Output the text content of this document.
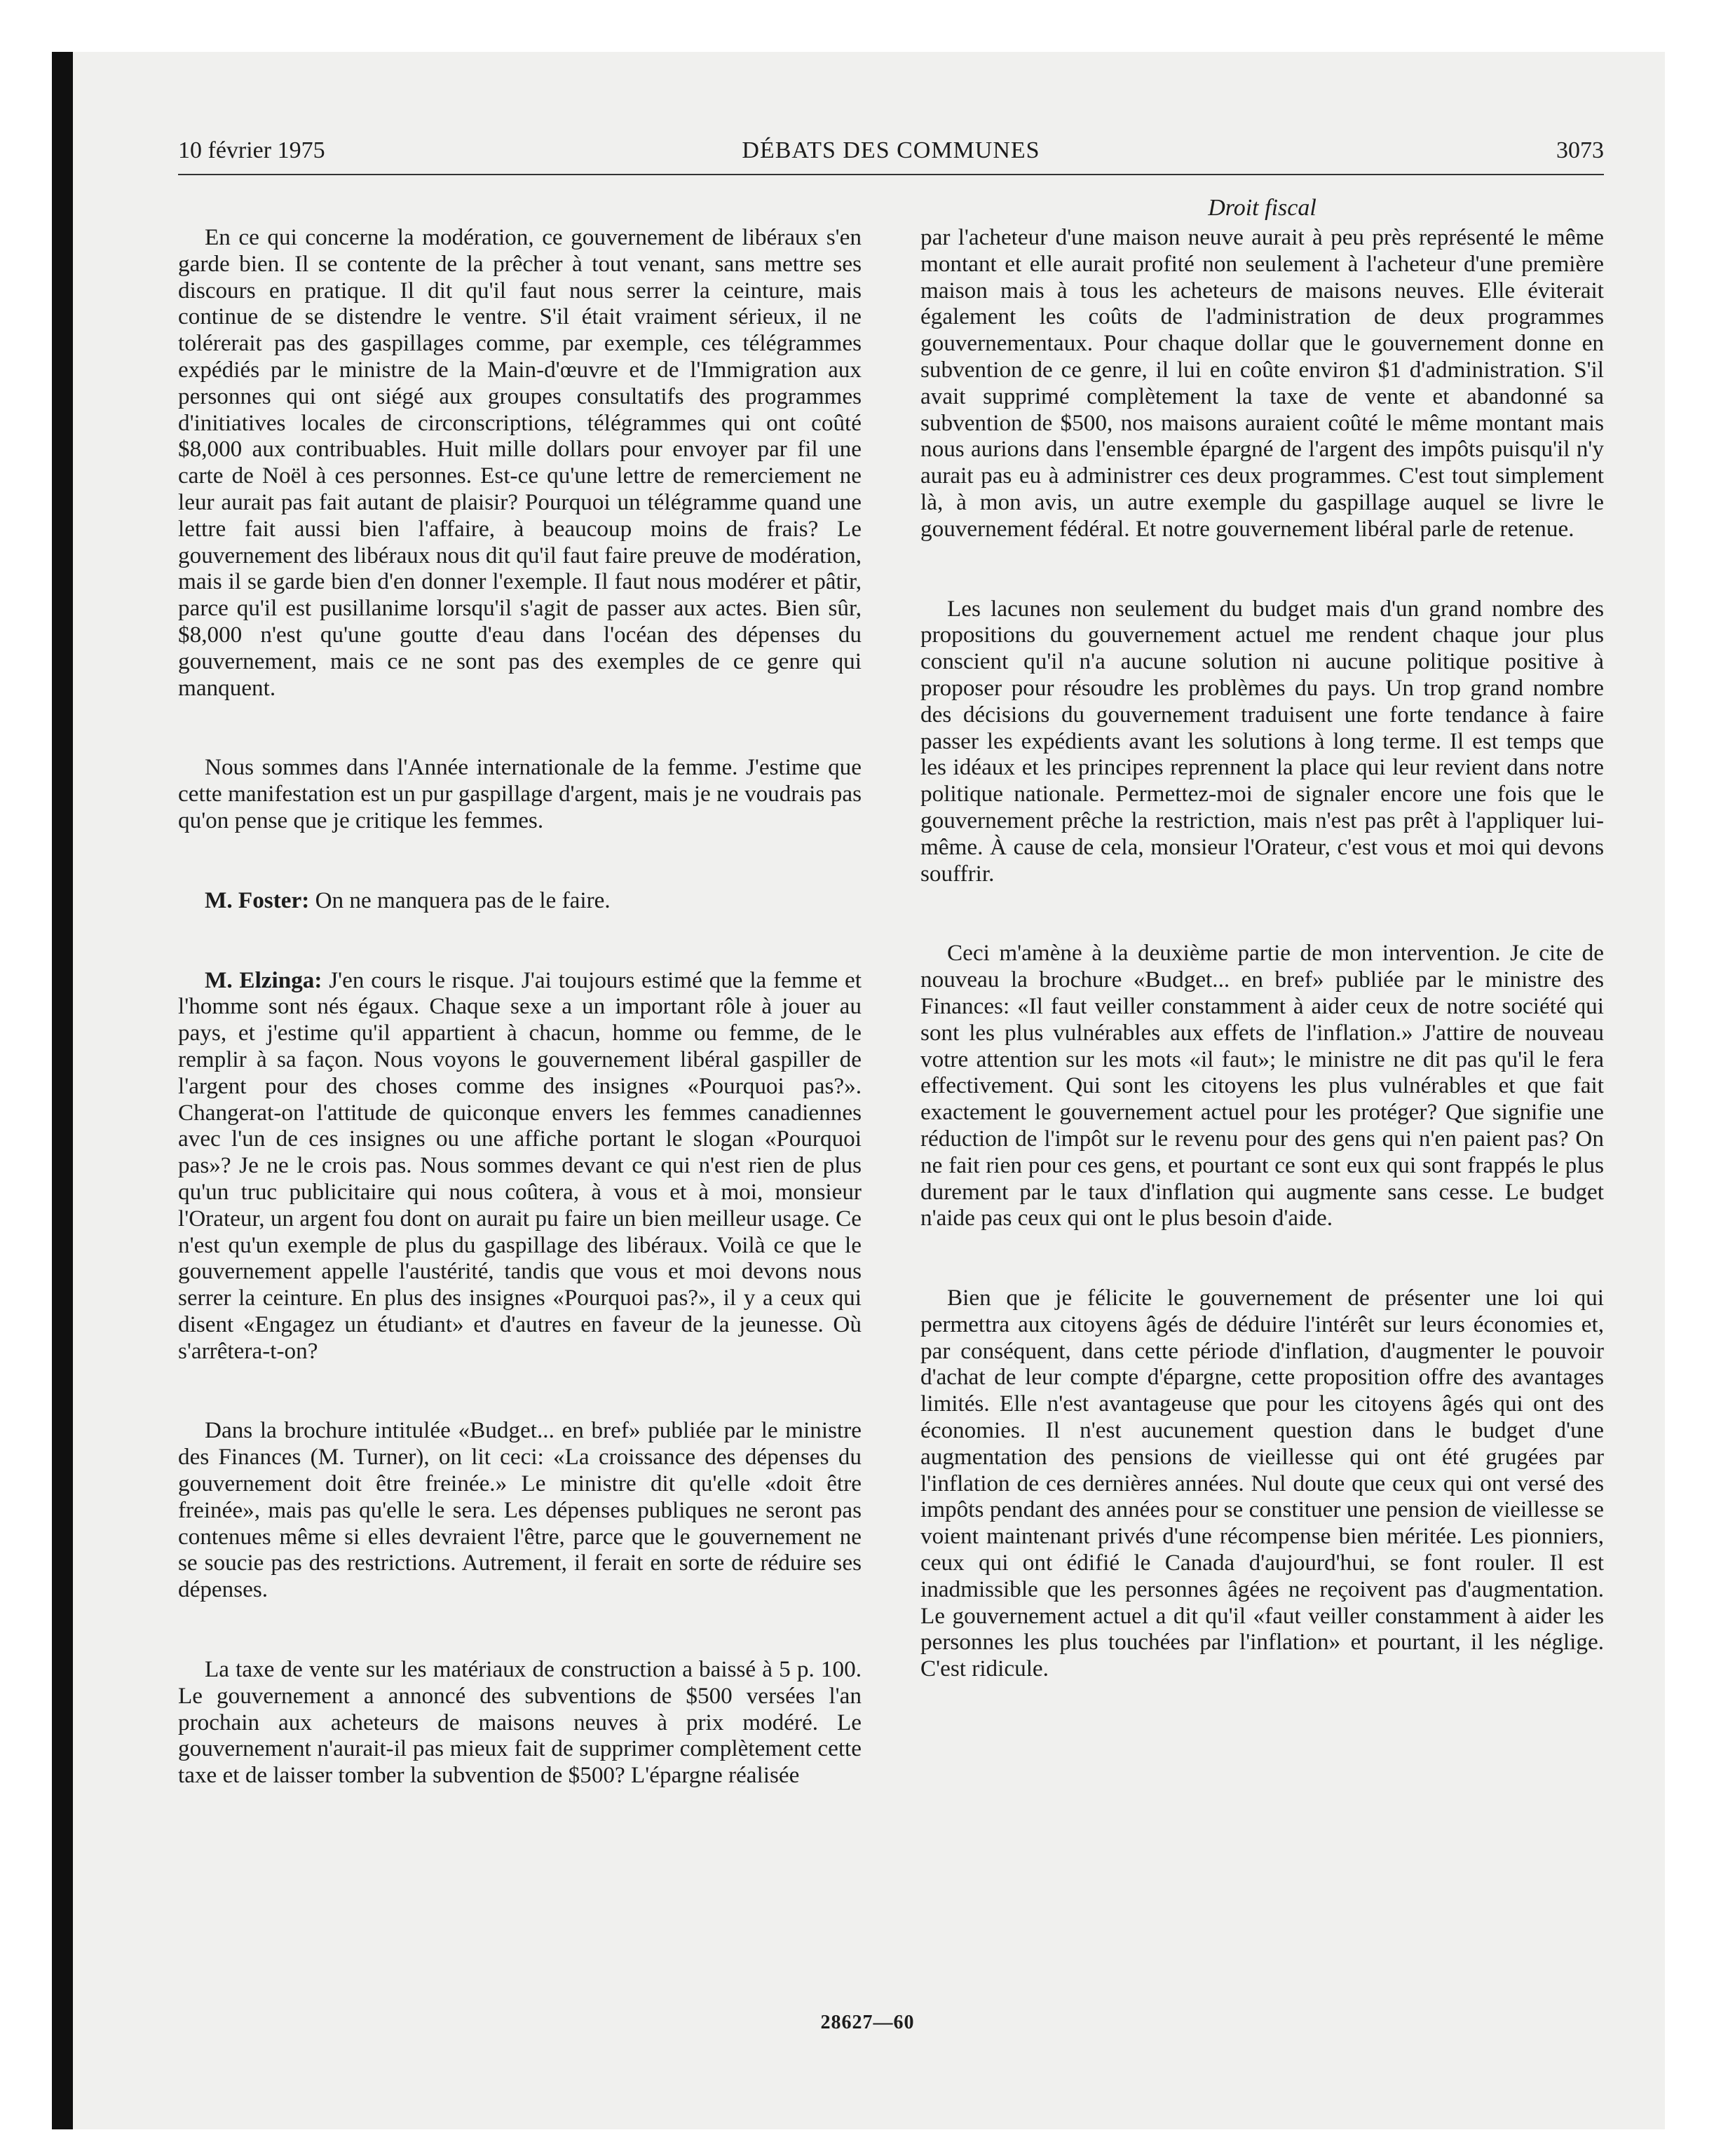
10 février 1975	DÉBATS DES COMMUNES	3073
Droit fiscal

En ce qui concerne la modération, ce gouvernement de libéraux s'en garde bien. Il se contente de la prêcher à tout venant, sans mettre ses discours en pratique. Il dit qu'il faut nous serrer la ceinture, mais continue de se distendre le ventre. S'il était vraiment sérieux, il ne tolérerait pas des gaspillages comme, par exemple, ces télégrammes expédiés par le ministre de la Main-d'œuvre et de l'Immigration aux personnes qui ont siégé aux groupes consultatifs des programmes d'initiatives locales de circonscriptions, télégrammes qui ont coûté $8,000 aux contribuables. Huit mille dollars pour envoyer par fil une carte de Noël à ces personnes. Est-ce qu'une lettre de remerciement ne leur aurait pas fait autant de plaisir? Pourquoi un télégramme quand une lettre fait aussi bien l'affaire, à beaucoup moins de frais? Le gouvernement des libéraux nous dit qu'il faut faire preuve de modération, mais il se garde bien d'en donner l'exemple. Il faut nous modérer et pâtir, parce qu'il est pusillanime lorsqu'il s'agit de passer aux actes. Bien sûr, $8,000 n'est qu'une goutte d'eau dans l'océan des dépenses du gouvernement, mais ce ne sont pas des exemples de ce genre qui manquent.

Nous sommes dans l'Année internationale de la femme. J'estime que cette manifestation est un pur gaspillage d'argent, mais je ne voudrais pas qu'on pense que je critique les femmes.

M. Foster: On ne manquera pas de le faire.

M. Elzinga: J'en cours le risque. J'ai toujours estimé que la femme et l'homme sont nés égaux. Chaque sexe a un important rôle à jouer au pays, et j'estime qu'il appartient à chacun, homme ou femme, de le remplir à sa façon. Nous voyons le gouvernement libéral gaspiller de l'argent pour des choses comme des insignes «Pourquoi pas?». Changerat-on l'attitude de quiconque envers les femmes canadiennes avec l'un de ces insignes ou une affiche portant le slogan «Pourquoi pas»? Je ne le crois pas. Nous sommes devant ce qui n'est rien de plus qu'un truc publicitaire qui nous coûtera, à vous et à moi, monsieur l'Orateur, un argent fou dont on aurait pu faire un bien meilleur usage. Ce n'est qu'un exemple de plus du gaspillage des libéraux. Voilà ce que le gouvernement appelle l'austérité, tandis que vous et moi devons nous serrer la ceinture. En plus des insignes «Pourquoi pas?», il y a ceux qui disent «Engagez un étudiant» et d'autres en faveur de la jeunesse. Où s'arrêtera-t-on?

Dans la brochure intitulée «Budget... en bref» publiée par le ministre des Finances (M. Turner), on lit ceci: «La croissance des dépenses du gouvernement doit être freinée.» Le ministre dit qu'elle «doit être freinée», mais pas qu'elle le sera. Les dépenses publiques ne seront pas contenues même si elles devraient l'être, parce que le gouvernement ne se soucie pas des restrictions. Autrement, il ferait en sorte de réduire ses dépenses.

La taxe de vente sur les matériaux de construction a baissé à 5 p. 100. Le gouvernement a annoncé des subventions de $500 versées l'an prochain aux acheteurs de maisons neuves à prix modéré. Le gouvernement n'aurait-il pas mieux fait de supprimer complètement cette taxe et de laisser tomber la subvention de $500? L'épargne réalisée

par l'acheteur d'une maison neuve aurait à peu près représenté le même montant et elle aurait profité non seulement à l'acheteur d'une première maison mais à tous les acheteurs de maisons neuves. Elle éviterait également les coûts de l'administration de deux programmes gouvernementaux. Pour chaque dollar que le gouvernement donne en subvention de ce genre, il lui en coûte environ $1 d'administration. S'il avait supprimé complètement la taxe de vente et abandonné sa subvention de $500, nos maisons auraient coûté le même montant mais nous aurions dans l'ensemble épargné de l'argent des impôts puisqu'il n'y aurait pas eu à administrer ces deux programmes. C'est tout simplement là, à mon avis, un autre exemple du gaspillage auquel se livre le gouvernement fédéral. Et notre gouvernement libéral parle de retenue.

Les lacunes non seulement du budget mais d'un grand nombre des propositions du gouvernement actuel me rendent chaque jour plus conscient qu'il n'a aucune solution ni aucune politique positive à proposer pour résoudre les problèmes du pays. Un trop grand nombre des décisions du gouvernement traduisent une forte tendance à faire passer les expédients avant les solutions à long terme. Il est temps que les idéaux et les principes reprennent la place qui leur revient dans notre politique nationale. Permettez-moi de signaler encore une fois que le gouvernement prêche la restriction, mais n'est pas prêt à l'appliquer lui-même. À cause de cela, monsieur l'Orateur, c'est vous et moi qui devons souffrir.

Ceci m'amène à la deuxième partie de mon intervention. Je cite de nouveau la brochure «Budget... en bref» publiée par le ministre des Finances: «Il faut veiller constamment à aider ceux de notre société qui sont les plus vulnérables aux effets de l'inflation.» J'attire de nouveau votre attention sur les mots «il faut»; le ministre ne dit pas qu'il le fera effectivement. Qui sont les citoyens les plus vulnérables et que fait exactement le gouvernement actuel pour les protéger? Que signifie une réduction de l'impôt sur le revenu pour des gens qui n'en paient pas? On ne fait rien pour ces gens, et pourtant ce sont eux qui sont frappés le plus durement par le taux d'inflation qui augmente sans cesse. Le budget n'aide pas ceux qui ont le plus besoin d'aide.

Bien que je félicite le gouvernement de présenter une loi qui permettra aux citoyens âgés de déduire l'intérêt sur leurs économies et, par conséquent, dans cette période d'inflation, d'augmenter le pouvoir d'achat de leur compte d'épargne, cette proposition offre des avantages limités. Elle n'est avantageuse que pour les citoyens âgés qui ont des économies. Il n'est aucunement question dans le budget d'une augmentation des pensions de vieillesse qui ont été grugées par l'inflation de ces dernières années. Nul doute que ceux qui ont versé des impôts pendant des années pour se constituer une pension de vieillesse se voient maintenant privés d'une récompense bien méritée. Les pionniers, ceux qui ont édifié le Canada d'aujourd'hui, se font rouler. Il est inadmissible que les personnes âgées ne reçoivent pas d'augmentation. Le gouvernement actuel a dit qu'il «faut veiller constamment à aider les personnes les plus touchées par l'inflation» et pourtant, il les néglige. C'est ridicule.

28627—60
